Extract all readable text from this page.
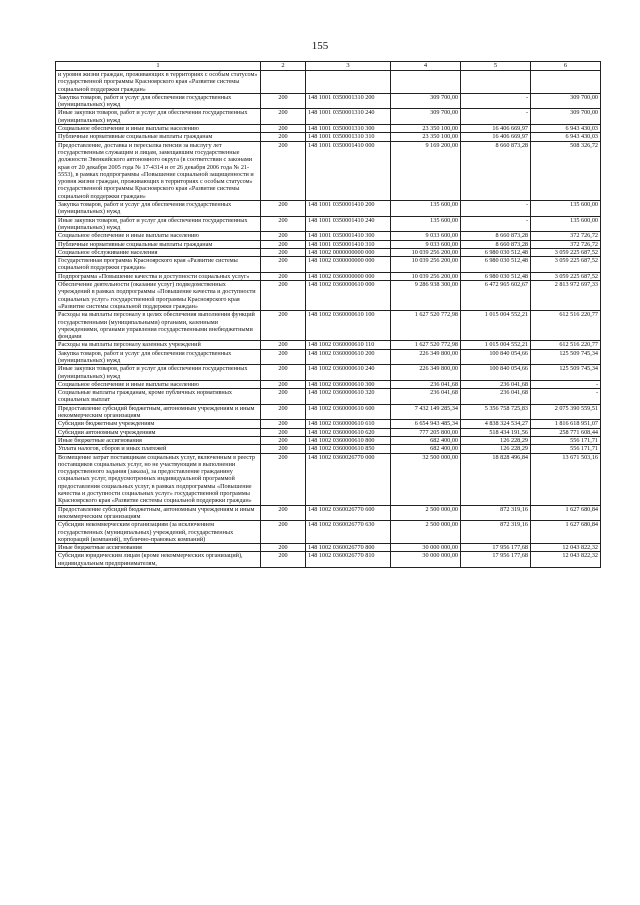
155
1	2	3	4	5	6
и уровня жизни граждан, проживающих в территориях с особым статусом» государственной программы Красноярского края «Развитие системы социальной поддержки граждан»					
Закупка товаров, работ и услуг для обеспечения государственных (муниципальных) нужд	200	148 1001 0350001310 200	309 700,00	-	309 700,00
Иные закупки товаров, работ и услуг для обеспечения государственных (муниципальных) нужд	200	148 1001 0350001310 240	309 700,00	-	309 700,00
Социальное обеспечение и иные выплаты населению	200	148 1001 0350001310 300	23 350 100,00	16 406 669,97	6 943 430,03
Публичные нормативные социальные выплаты гражданам	200	148 1001 0350001310 310	23 350 100,00	16 406 669,97	6 943 430,03
Предоставление, доставка и пересылка пенсии за выслугу лет государственным служащим и лицам, замещавшим государственные должности Эвенкийского автономного округа (в соответствии с законами края от 20 декабря 2005 года № 17-4314 и от 26 декабря 2006 года № 21-5553), в рамках подпрограммы «Повышение социальной защищенности и уровня жизни граждан, проживающих в территориях с особым статусом» государственной программы Красноярского края «Развитие системы социальной поддержки граждан»	200	148 1001 0350001410 000	9 169 200,00	8 660 873,28	508 326,72
Закупка товаров, работ и услуг для обеспечения государственных (муниципальных) нужд	200	148 1001 0350001410 200	135 600,00	-	135 600,00
Иные закупки товаров, работ и услуг для обеспечения государственных (муниципальных) нужд	200	148 1001 0350001410 240	135 600,00	-	135 600,00
Социальное обеспечение и иные выплаты населению	200	148 1001 0350001410 300	9 033 600,00	8 660 873,28	372 726,72
Публичные нормативные социальные выплаты гражданам	200	148 1001 0350001410 310	9 033 600,00	8 660 873,28	372 726,72
Социальное обслуживание населения	200	148 1002 0000000000 000	10 039 256 200,00	6 980 030 512,48	3 059 225 687,52
Государственная программа Красноярского края «Развитие системы социальной поддержки граждан»	200	148 1002 0300000000 000	10 039 256 200,00	6 980 030 512,48	3 059 225 687,52
Подпрограмма «Повышение качества и доступности социальных услуг»	200	148 1002 0360000000 000	10 039 256 200,00	6 980 030 512,48	3 059 225 687,52
Обеспечение деятельности (оказание услуг) подведомственных учреждений в рамках подпрограммы «Повышение качества и доступности социальных услуг» государственной программы Красноярского края «Развитие системы социальной поддержки граждан»	200	148 1002 0360000610 000	9 286 938 300,00	6 472 965 602,67	2 813 972 697,33
Расходы на выплаты персоналу в целях обеспечения выполнения функций государственными (муниципальными) органами, казенными учреждениями, органами управления государственными внебюджетными фондами	200	148 1002 0360000610 100	1 627 520 772,98	1 015 004 552,21	612 516 220,77
Расходы на выплаты персоналу казенных учреждений	200	148 1002 0360000610 110	1 627 520 772,98	1 015 004 552,21	612 516 220,77
Закупка товаров, работ и услуг для обеспечения государственных (муниципальных) нужд	200	148 1002 0360000610 200	226 349 800,00	100 840 054,66	125 509 745,34
Иные закупки товаров, работ и услуг для обеспечения государственных (муниципальных) нужд	200	148 1002 0360000610 240	226 349 800,00	100 840 054,66	125 509 745,34
Социальное обеспечение и иные выплаты населению	200	148 1002 0360000610 300	236 041,68	236 041,68	-
Социальные выплаты гражданам, кроме публичных нормативных социальных выплат	200	148 1002 0360000610 320	236 041,68	236 041,68	-
Предоставление субсидий бюджетным, автономным учреждениям и иным некоммерческим организациям	200	148 1002 0360000610 600	7 432 149 285,34	5 356 758 725,83	2 075 390 559,51
Субсидии бюджетным учреждениям	200	148 1002 0360000610 610	6 654 943 485,34	4 838 324 534,27	1 816 618 951,07
Субсидии автономным учреждениям	200	148 1002 0360000610 620	777 205 800,00	518 434 191,56	258 771 608,44
Иные бюджетные ассигнования	200	148 1002 0360000610 800	682 400,00	126 228,29	556 171,71
Уплата налогов, сборов и иных платежей	200	148 1002 0360000610 850	682 400,00	126 228,29	556 171,71
Возмещение затрат поставщикам социальных услуг, включенным в реестр поставщиков социальных услуг, но не участвующим в выполнении государственного задания (заказа), за предоставление гражданину социальных услуг, предусмотренных индивидуальной программой предоставления социальных услуг, в рамках подпрограммы «Повышение качества и доступности социальных услуг» государственной программы Красноярского края «Развитие системы социальной поддержки граждан»	200	148 1002 0360026770 000	32 500 000,00	18 828 496,84	13 671 503,16
Предоставление субсидий бюджетным, автономным учреждениям и иным некоммерческим организациям	200	148 1002 0360026770 600	2 500 000,00	872 319,16	1 627 680,84
Субсидии некоммерческим организациям (за исключением государственных (муниципальных) учреждений, государственных корпораций (компаний), публично-правовых компаний)	200	148 1002 0360026770 630	2 500 000,00	872 319,16	1 627 680,84
Иные бюджетные ассигнования	200	148 1002 0360026770 800	30 000 000,00	17 956 177,68	12 043 822,32
Субсидии юридическим лицам (кроме некоммерческих организаций), индивидуальным предпринимателям,	200	148 1002 0360026770 810	30 000 000,00	17 956 177,68	12 043 822,32
